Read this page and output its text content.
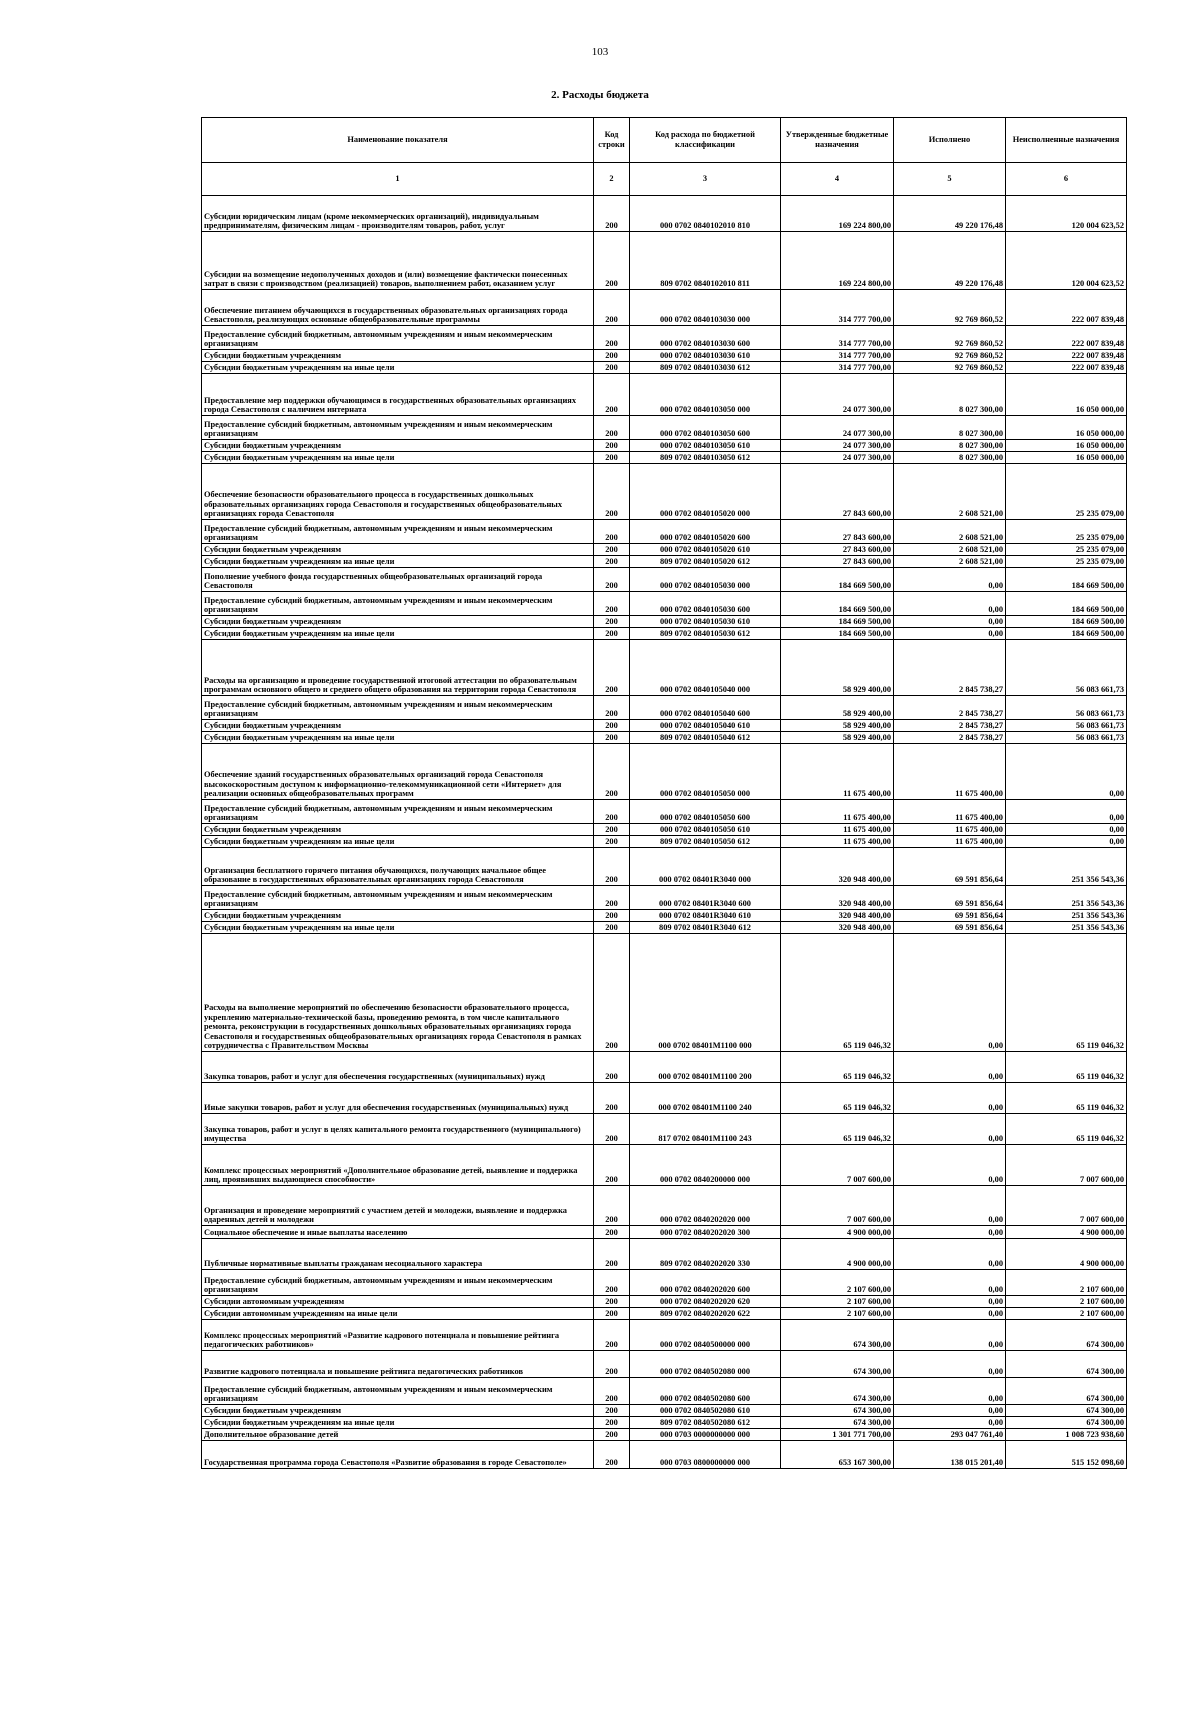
103
2. Расходы бюджета
Наименование показателя	Код строки	Код расхода по бюджетной классификации	Утвержденные бюджетные назначения	Исполнено	Неисполненные назначения
1	2	3	4	5	6
Субсидии юридическим лицам (кроме некоммерческих организаций), индивидуальным предпринимателям, физическим лицам - производителям товаров, работ, услуг	200	000 0702 0840102010 810	169 224 800,00	49 220 176,48	120 004 623,52
Субсидии на возмещение недополученных доходов и (или) возмещение фактически понесенных затрат в связи с производством (реализацией) товаров, выполнением работ, оказанием услуг	200	809 0702 0840102010 811	169 224 800,00	49 220 176,48	120 004 623,52
Обеспечение питанием обучающихся в государственных образовательных организациях города Севастополя, реализующих основные общеобразовательные программы	200	000 0702 0840103030 000	314 777 700,00	92 769 860,52	222 007 839,48
Предоставление субсидий бюджетным, автономным учреждениям и иным некоммерческим организациям	200	000 0702 0840103030 600	314 777 700,00	92 769 860,52	222 007 839,48
Субсидии бюджетным учреждениям	200	000 0702 0840103030 610	314 777 700,00	92 769 860,52	222 007 839,48
Субсидии бюджетным учреждениям на иные цели	200	809 0702 0840103030 612	314 777 700,00	92 769 860,52	222 007 839,48
Предоставление мер поддержки обучающимся в государственных образовательных организациях города Севастополя с наличием интерната	200	000 0702 0840103050 000	24 077 300,00	8 027 300,00	16 050 000,00
Предоставление субсидий бюджетным, автономным учреждениям и иным некоммерческим организациям	200	000 0702 0840103050 600	24 077 300,00	8 027 300,00	16 050 000,00
Субсидии бюджетным учреждениям	200	000 0702 0840103050 610	24 077 300,00	8 027 300,00	16 050 000,00
Субсидии бюджетным учреждениям на иные цели	200	809 0702 0840103050 612	24 077 300,00	8 027 300,00	16 050 000,00
Обеспечение безопасности образовательного процесса в государственных дошкольных образовательных организациях города Севастополя и государственных общеобразовательных организациях города Севастополя	200	000 0702 0840105020 000	27 843 600,00	2 608 521,00	25 235 079,00
Предоставление субсидий бюджетным, автономным учреждениям и иным некоммерческим организациям	200	000 0702 0840105020 600	27 843 600,00	2 608 521,00	25 235 079,00
Субсидии бюджетным учреждениям	200	000 0702 0840105020 610	27 843 600,00	2 608 521,00	25 235 079,00
Субсидии бюджетным учреждениям на иные цели	200	809 0702 0840105020 612	27 843 600,00	2 608 521,00	25 235 079,00
Пополнение учебного фонда государственных общеобразовательных организаций города Севастополя	200	000 0702 0840105030 000	184 669 500,00	0,00	184 669 500,00
Предоставление субсидий бюджетным, автономным учреждениям и иным некоммерческим организациям	200	000 0702 0840105030 600	184 669 500,00	0,00	184 669 500,00
Субсидии бюджетным учреждениям	200	000 0702 0840105030 610	184 669 500,00	0,00	184 669 500,00
Субсидии бюджетным учреждениям на иные цели	200	809 0702 0840105030 612	184 669 500,00	0,00	184 669 500,00
Расходы на организацию и проведение государственной итоговой аттестации по образовательным программам основного общего и среднего общего образования на территории города Севастополя	200	000 0702 0840105040 000	58 929 400,00	2 845 738,27	56 083 661,73
Предоставление субсидий бюджетным, автономным учреждениям и иным некоммерческим организациям	200	000 0702 0840105040 600	58 929 400,00	2 845 738,27	56 083 661,73
Субсидии бюджетным учреждениям	200	000 0702 0840105040 610	58 929 400,00	2 845 738,27	56 083 661,73
Субсидии бюджетным учреждениям на иные цели	200	809 0702 0840105040 612	58 929 400,00	2 845 738,27	56 083 661,73
Обеспечение зданий государственных образовательных организаций города Севастополя высокоскоростным доступом к информационно-телекоммуникационной сети «Интернет» для реализации основных общеобразовательных программ	200	000 0702 0840105050 000	11 675 400,00	11 675 400,00	0,00
Предоставление субсидий бюджетным, автономным учреждениям и иным некоммерческим организациям	200	000 0702 0840105050 600	11 675 400,00	11 675 400,00	0,00
Субсидии бюджетным учреждениям	200	000 0702 0840105050 610	11 675 400,00	11 675 400,00	0,00
Субсидии бюджетным учреждениям на иные цели	200	809 0702 0840105050 612	11 675 400,00	11 675 400,00	0,00
Организация бесплатного горячего питания обучающихся, получающих начальное общее образование в государственных образовательных организациях города Севастополя	200	000 0702 08401R3040 000	320 948 400,00	69 591 856,64	251 356 543,36
Предоставление субсидий бюджетным, автономным учреждениям и иным некоммерческим организациям	200	000 0702 08401R3040 600	320 948 400,00	69 591 856,64	251 356 543,36
Субсидии бюджетным учреждениям	200	000 0702 08401R3040 610	320 948 400,00	69 591 856,64	251 356 543,36
Субсидии бюджетным учреждениям на иные цели	200	809 0702 08401R3040 612	320 948 400,00	69 591 856,64	251 356 543,36
Расходы на выполнение мероприятий по обеспечению безопасности образовательного процесса, укреплению материально-технической базы, проведению ремонта, в том числе капитального ремонта, реконструкции в государственных дошкольных образовательных организациях города Севастополя и государственных общеобразовательных организациях города Севастополя в рамках сотрудничества с Правительством Москвы	200	000 0702 08401M1100 000	65 119 046,32	0,00	65 119 046,32
Закупка товаров, работ и услуг для обеспечения государственных (муниципальных) нужд	200	000 0702 08401M1100 200	65 119 046,32	0,00	65 119 046,32
Иные закупки товаров, работ и услуг для обеспечения государственных (муниципальных) нужд	200	000 0702 08401M1100 240	65 119 046,32	0,00	65 119 046,32
Закупка товаров, работ и услуг в целях капитального ремонта государственного (муниципального) имущества	200	817 0702 08401M1100 243	65 119 046,32	0,00	65 119 046,32
Комплекс процессных мероприятий «Дополнительное образование детей, выявление и поддержка лиц, проявивших выдающиеся способности»	200	000 0702 0840200000 000	7 007 600,00	0,00	7 007 600,00
Организация и проведение мероприятий с участием детей и молодежи, выявление и поддержка одаренных детей и молодежи	200	000 0702 0840202020 000	7 007 600,00	0,00	7 007 600,00
Социальное обеспечение и иные выплаты населению	200	000 0702 0840202020 300	4 900 000,00	0,00	4 900 000,00
Публичные нормативные выплаты гражданам несоциального характера	200	809 0702 0840202020 330	4 900 000,00	0,00	4 900 000,00
Предоставление субсидий бюджетным, автономным учреждениям и иным некоммерческим организациям	200	000 0702 0840202020 600	2 107 600,00	0,00	2 107 600,00
Субсидии автономным учреждениям	200	000 0702 0840202020 620	2 107 600,00	0,00	2 107 600,00
Субсидии автономным учреждениям на иные цели	200	809 0702 0840202020 622	2 107 600,00	0,00	2 107 600,00
Комплекс процессных мероприятий «Развитие кадрового потенциала и повышение рейтинга педагогических работников»	200	000 0702 0840500000 000	674 300,00	0,00	674 300,00
Развитие кадрового потенциала и повышение рейтинга педагогических работников	200	000 0702 0840502080 000	674 300,00	0,00	674 300,00
Предоставление субсидий бюджетным, автономным учреждениям и иным некоммерческим организациям	200	000 0702 0840502080 600	674 300,00	0,00	674 300,00
Субсидии бюджетным учреждениям	200	000 0702 0840502080 610	674 300,00	0,00	674 300,00
Субсидии бюджетным учреждениям на иные цели	200	809 0702 0840502080 612	674 300,00	0,00	674 300,00
Дополнительное образование детей	200	000 0703 0000000000 000	1 301 771 700,00	293 047 761,40	1 008 723 938,60
Государственная программа города Севастополя «Развитие образования в городе Севастополе»	200	000 0703 0800000000 000	653 167 300,00	138 015 201,40	515 152 098,60
